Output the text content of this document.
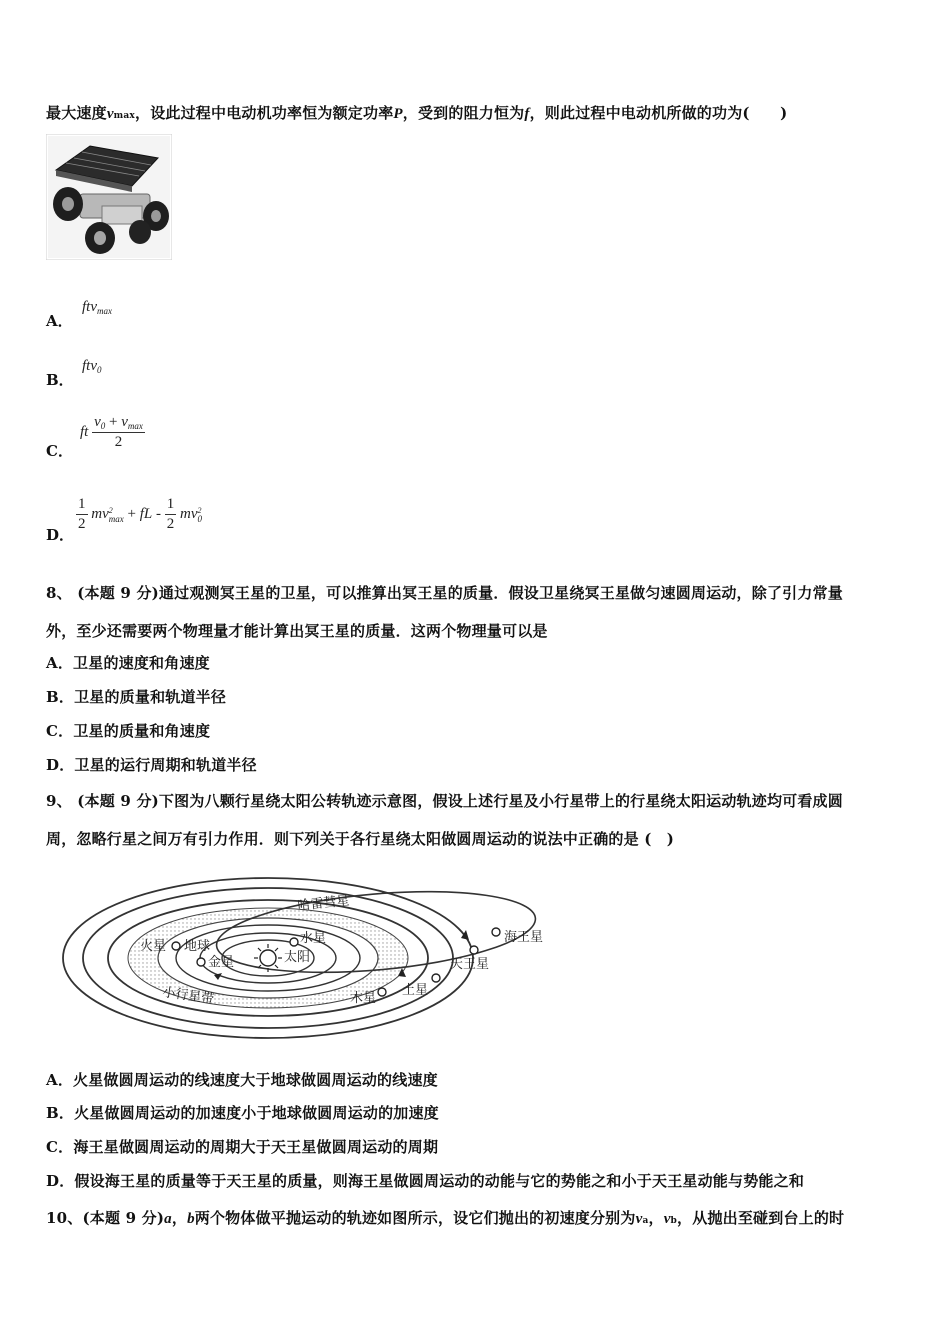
最大速度vmax，设此过程中电动机功率恒为额定功率P，受到的阻力恒为f，则此过程中电动机所做的功为(　　)
A．
ftv$_{max}$
B．
ftv$_0$
C．
ft $\frac{v_0 + v_{max}}{2}$
D．
$\frac{1}{2}$ mv 2
max + fL - $\frac{1}{2}$ mv 2
0
8、 (本题 9 分)通过观测冥王星的卫星，可以推算出冥王星的质量．假设卫星绕冥王星做匀速圆周运动，除了引力常量
外，至少还需要两个物理量才能计算出冥王星的质量．这两个物理量可以是
A．卫星的速度和角速度
B．卫星的质量和轨道半径
C．卫星的质量和角速度
D．卫星的运行周期和轨道半径
9、 (本题 9 分)下图为八颗行星绕太阳公转轨迹示意图，假设上述行星及小行星带上的行星绕太阳运动轨迹均可看成圆
周，忽略行星之间万有引力作用．则下列关于各行星绕太阳做圆周运动的说法中正确的是 (　)
哈雷彗星
海王星
火星 地球
水星
金星	太阳	天王星
土星
木星
小行星带
A．火星做圆周运动的线速度大于地球做圆周运动的线速度
B．火星做圆周运动的加速度小于地球做圆周运动的加速度
C．海王星做圆周运动的周期大于天王星做圆周运动的周期
D．假设海王星的质量等于天王星的质量，则海王星做圆周运动的动能与它的势能之和小于天王星动能与势能之和
10、(本题 9 分)a，b两个物体做平抛运动的轨迹如图所示，设它们抛出的初速度分别为va，vb，从抛出至碰到台上的时
